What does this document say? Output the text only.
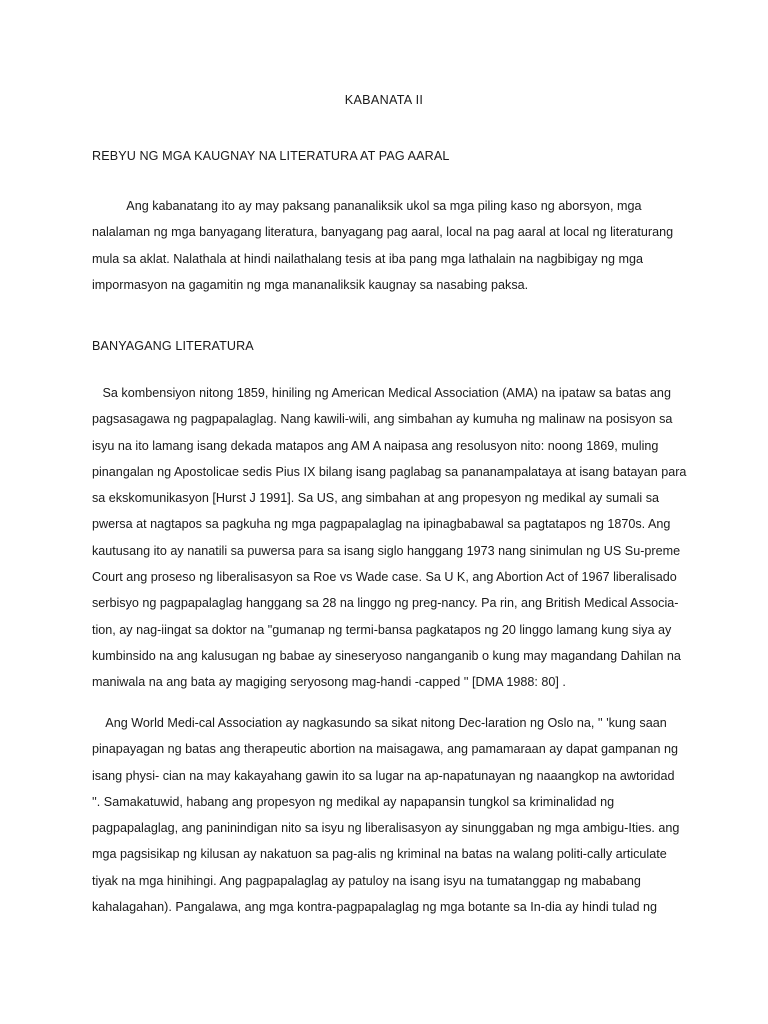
KABANATA II
REBYU NG MGA KAUGNAY NA LITERATURA AT PAG AARAL
Ang kabanatang ito ay may paksang pananaliksik ukol sa mga piling kaso ng aborsyon, mga
nalalaman ng mga banyagang literatura, banyagang pag aaral, local na pag aaral at local ng literaturang
mula sa aklat. Nalathala at hindi nailathalang tesis at iba pang mga lathalain na nagbibigay ng mga
impormasyon na gagamitin ng mga mananaliksik kaugnay sa nasabing paksa.
BANYAGANG LITERATURA
Sa kombensiyon nitong 1859, hiniling ng American Medical Association (AMA) na ipataw sa batas ang
pagsasagawa ng pagpapalaglag. Nang kawili-wili, ang simbahan ay kumuha ng malinaw na posisyon sa
isyu na ito lamang isang dekada matapos ang AM A naipasa ang resolusyon nito: noong 1869, muling
pinangalan ng Apostolicae sedis Pius IX bilang isang paglabag sa pananampalataya at isang batayan para
sa ekskomunikasyon [Hurst J 1991]. Sa US, ang simbahan at ang propesyon ng medikal ay sumali sa
pwersa at nagtapos sa pagkuha ng mga pagpapalaglag na ipinagbabawal sa pagtatapos ng 1870s. Ang
kautusang ito ay nanatili sa puwersa para sa isang siglo hanggang 1973 nang sinimulan ng US Su-preme
Court ang proseso ng liberalisasyon sa Roe vs Wade case. Sa U K, ang Abortion Act of 1967 liberalisado
serbisyo ng pagpapalaglag hanggang sa 28 na linggo ng preg-nancy. Pa rin, ang British Medical Associa-
tion, ay nag-iingat sa doktor na "gumanap ng termi-bansa pagkatapos ng 20 linggo lamang kung siya ay
kumbinsido na ang kalusugan ng babae ay sineseryoso nanganganib o kung may magandang Dahilan na
maniwala na ang bata ay magiging seryosong mag-handi -capped '' [DMA 1988: 80] .
Ang World Medi-cal Association ay nagkasundo sa sikat nitong Dec-laration ng Oslo na, '' 'kung saan
pinapayagan ng batas ang therapeutic abortion na maisagawa, ang pamamaraan ay dapat gampanan ng
isang physi- cian na may kakayahang gawin ito sa lugar na ap-napatunayan ng naaangkop na awtoridad
''. Samakatuwid, habang ang propesyon ng medikal ay napapansin tungkol sa kriminalidad ng
pagpapalaglag, ang paninindigan nito sa isyu ng liberalisasyon ay sinunggaban ng mga ambigu-Ities. ang
mga pagsisikap ng kilusan ay nakatuon sa pag-alis ng kriminal na batas na walang politi-cally articulate
tiyak na mga hinihingi. Ang pagpapalaglag ay patuloy na isang isyu na tumatanggap ng mababang
kahalagahan). Pangalawa, ang mga kontra-pagpapalaglag ng mga botante sa In-dia ay hindi tulad ng
